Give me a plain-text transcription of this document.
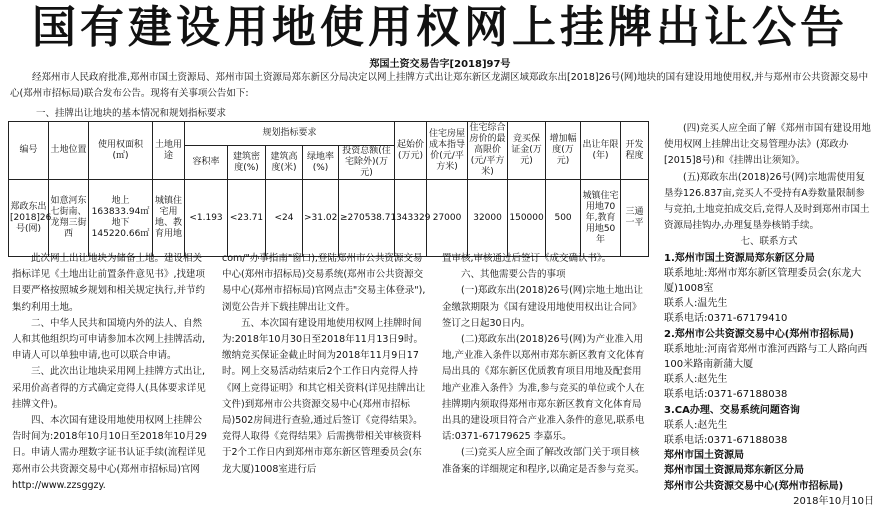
国有建设用地使用权网上挂牌出让公告
郑国土资交易告字[2018]97号
经郑州市人民政府批准,郑州市国土资源局、郑州市国土资源局郑东新区分局决定以网上挂牌方式出让郑东新区龙湖区域郑政东出[2018]26号(网)地块的国有建设用地使用权,并与郑州市公共资源交易中心(郑州市招标局)联合发布公告。现将有关事项公告如下:
一、挂牌出让地块的基本情况和规划指标要求
编号	土地位置	使用权面积(㎡)	土地用途	规划指标要求					起始价(万元)	住宅房屋成本指导价(元/平方米)	住宅综合房价的最高限价(元/平方米)	竞买保证金(万元)	增加幅度(万元)	出让年限(年)	开发程度
				容积率	建筑密度(%)	建筑高度(米)	绿地率(%)	投资总额(住宅除外)(万元)							
郑政东出[2018]26号(网)	如意河东七街南、龙翔三街西	地上163833.94㎡地下145220.66㎡	城镇住宅用地、教育用地	<1.193	<23.71	<24	>31.02	≥270538.71	343329	27000	32000	150000	500	城镇住宅用地70年,教育用地50年	三通一平

此次网上出让地块为储备土地。建设相关指标详见《土地出让前置条件意见书》,找建项目要严格按照城乡规划和相关规定执行,并节约集约利用土地。

二、中华人民共和国境内外的法人、自然人和其他组织均可申请参加本次网上挂牌活动,申请人可以单独申请,也可以联合申请。

三、此次出让地块采用网上挂牌方式出让,采用价高者得的方式确定竞得人(具体要求详见挂牌文件)。

四、本次国有建设用地使用权网上挂牌公告时间为:2018年10月10日至2018年10月29日。申请人需办理数字证书认证手续(流程详见郑州市公共资源交易中心(郑州市招标局)官网http://www.zzsggzy.

com/"办事指南"窗口),登陆郑州市公共资源交易中心(郑州市招标局)交易系统(郑州市公共资源交易中心(郑州市招标局)官网点击"交易主体登录"),浏览公告并下载挂牌出让文件。

五、本次国有建设用地使用权网上挂牌时间为:2018年10月30日至2018年11月13日9时。缴纳竞买保证金截止时间为2018年11月9日17时。网上交易活动结束后2个工作日内竞得人持《网上竞得证明》和其它相关资料(详见挂牌出让文件)到郑州市公共资源交易中心(郑州市招标局)502房间进行查验,通过后签订《竞得结果》。竞得人取得《竞得结果》后需携带相关审核资料于2个工作日内到郑州市郑东新区管理委员会(东龙大厦)1008室进行后

置审核,审核通过后签订《成交确认书》。

六、其他需要公告的事项

(一)郑政东出(2018)26号(网)宗地土地出让金缴款期限为《国有建设用地使用权出让合同》签订之日起30日内。

(二)郑政东出(2018)26号(网)为产业准入用地,产业准入条件以郑州市郑东新区教育文化体育局出具的《郑东新区优质教育项目用地及配套用地产业准入条件》为准,参与竞买的单位或个人在挂牌期内须取得郑州市郑东新区教育文化体育局出具的建设项目符合产业准入条件的意见,联系电话:0371-67179625 李嘉乐。

(三)竞买人应全面了解改改部门关于项目核准备案的详细规定和程序,以确定是否参与竞买。

(四)竞买人应全面了解《郑州市国有建设用地使用权网上挂牌出让交易管理办法》(郑政办[2015]8号)和《挂牌出让须知》。

(五)郑政东出(2018)26号(网)宗地需使用复垦券126.837亩,竞买人不受持有A券数量限制参与竞拍,土地竞拍成交后,竞得人及时到郑州市国土资源局挂钩办,办理复垦券核销手续。

七、联系方式

1.郑州市国土资源局郑东新区分局

联系地址:郑州市郑东新区管理委员会(东龙大厦)1008室

联系人:温先生

联系电话:0371-67179410

2.郑州市公共资源交易中心(郑州市招标局)

联系地址:河南省郑州市淮河西路与工人路向西100米路南新蒲大厦

联系人:赵先生

联系电话:0371-67188038

3.CA办理、交易系统问题咨询

联系人:赵先生

联系电话:0371-67188038

郑州市国土资源局

郑州市国土资源局郑东新区分局

郑州市公共资源交易中心(郑州市招标局)

2018年10月10日
